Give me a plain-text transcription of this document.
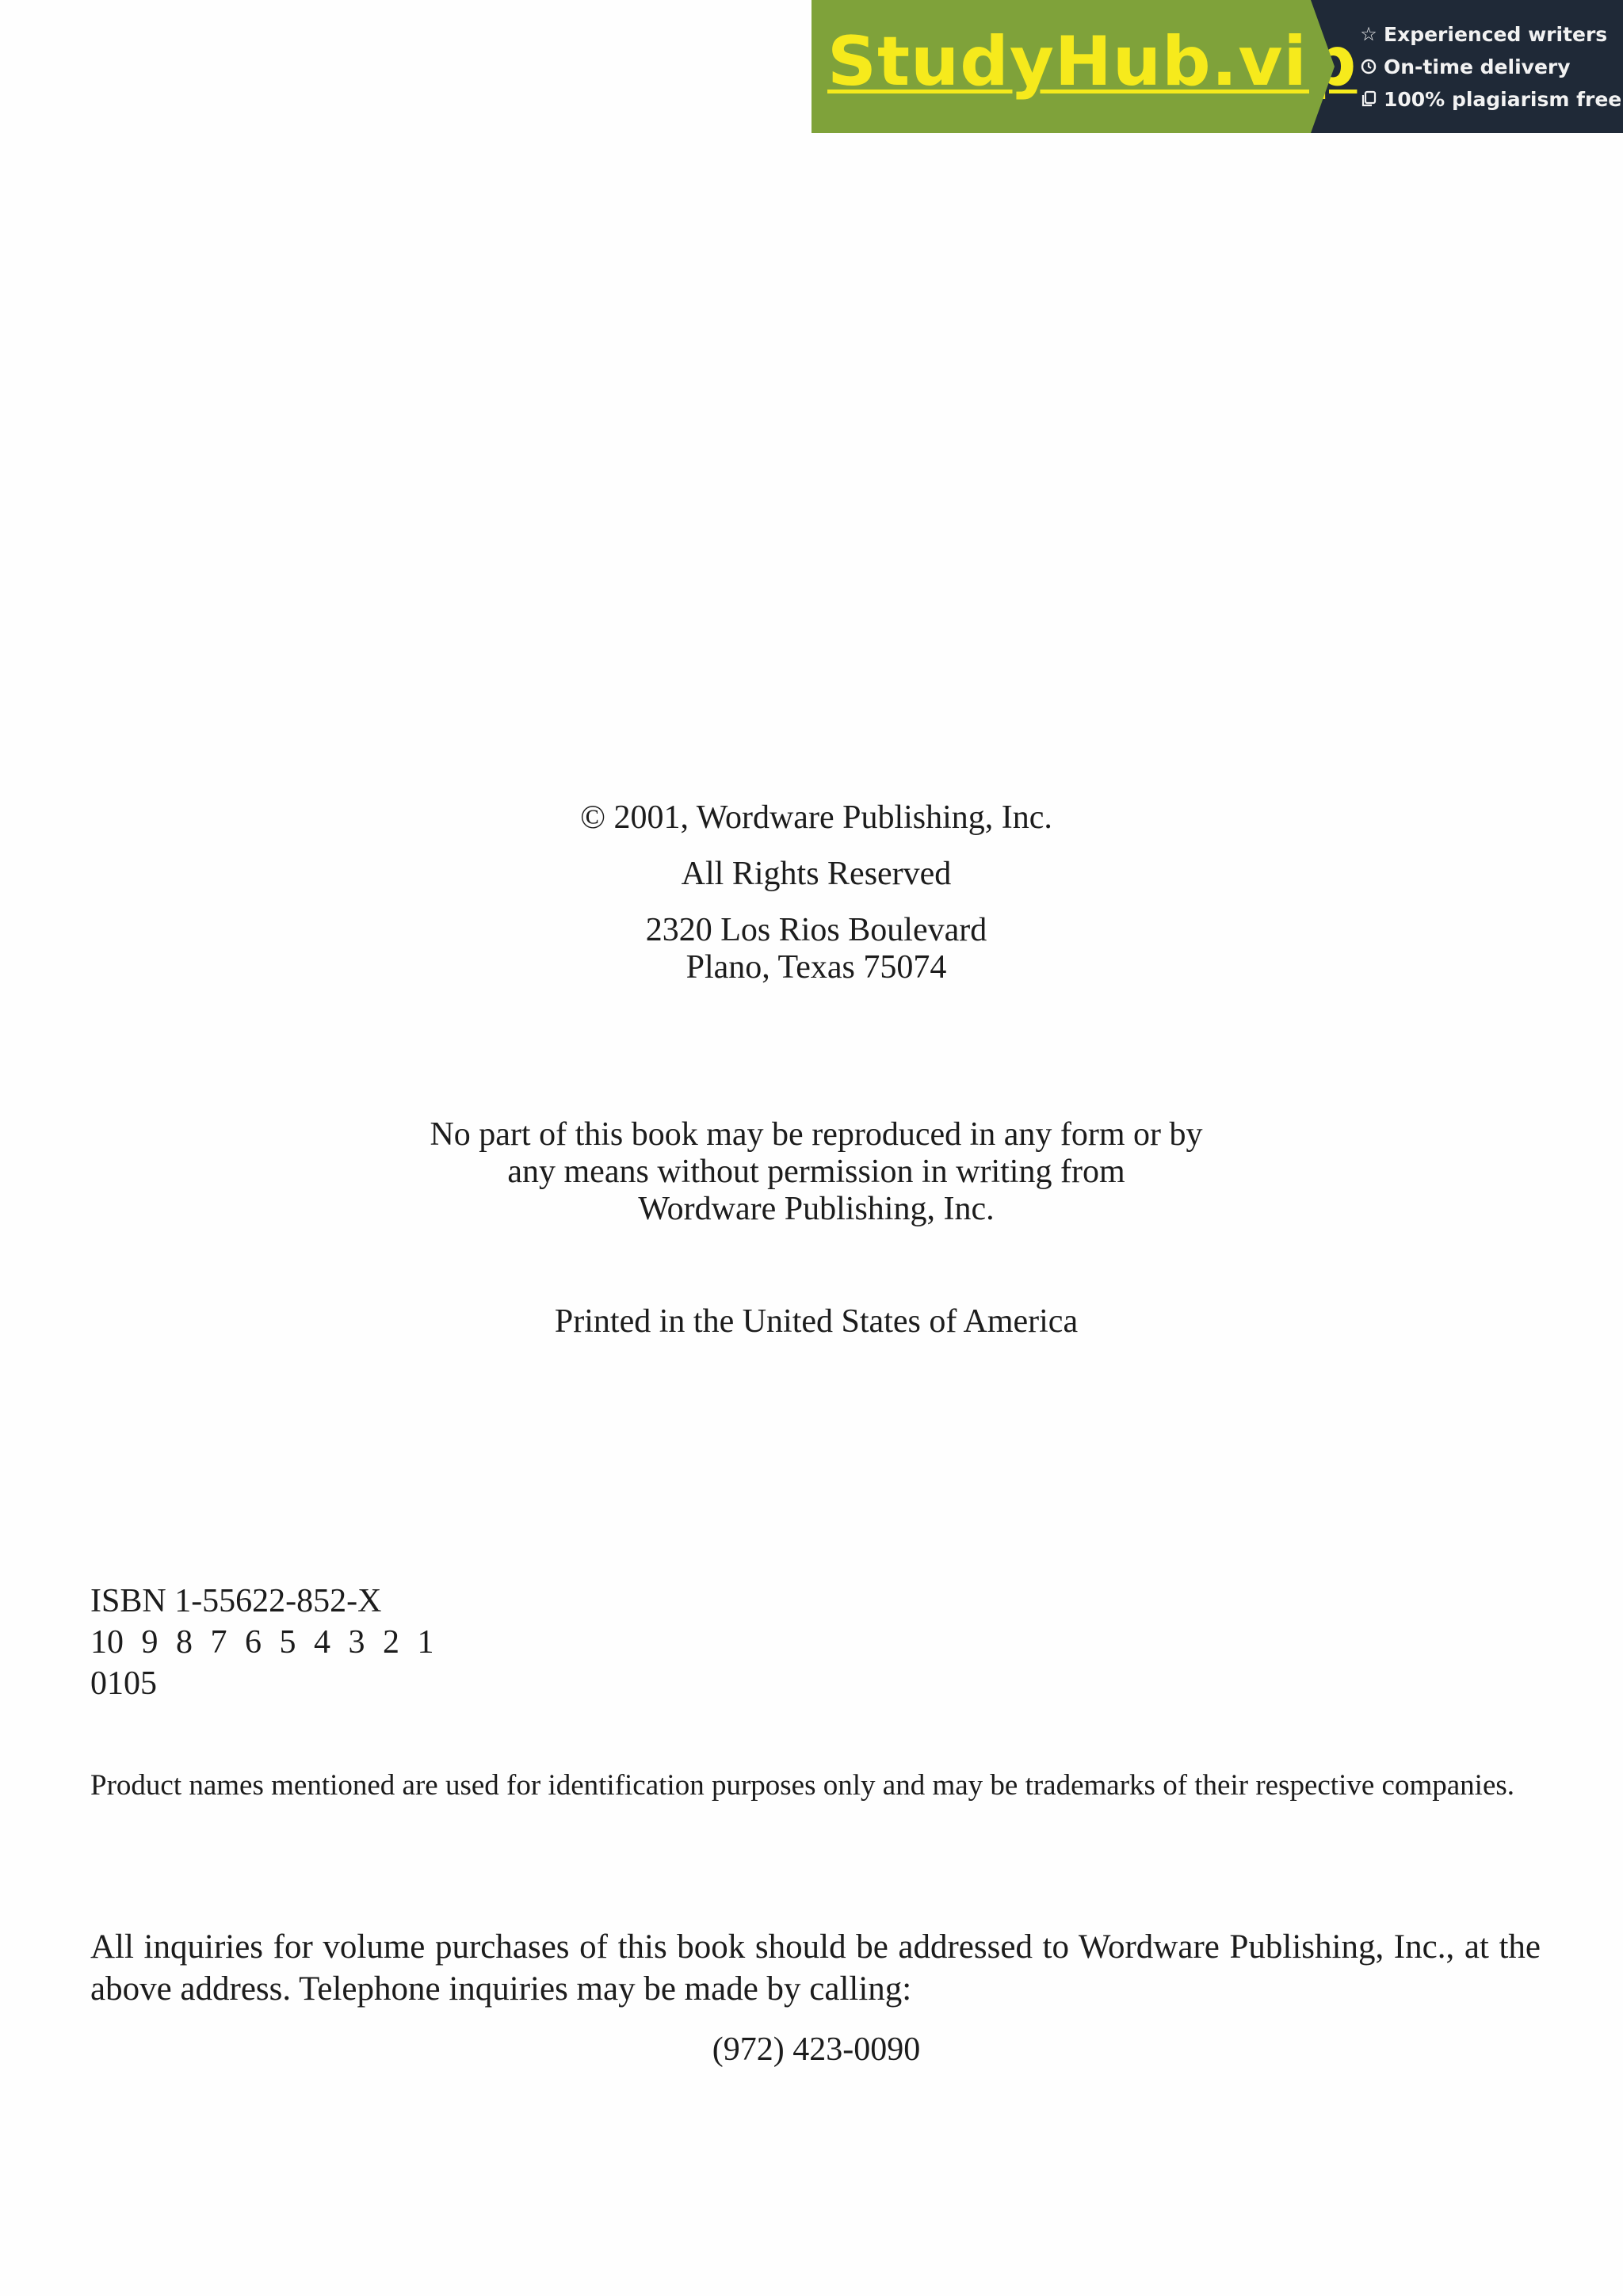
StudyHub.vip ☆ Experienced writers
On-time delivery
100% plagiarism free
© 2001, Wordware Publishing, Inc.
All Rights Reserved
2320 Los Rios Boulevard
Plano, Texas 75074
No part of this book may be reproduced in any form or by
any means without permission in writing from
Wordware Publishing, Inc.
Printed in the United States of America
ISBN 1-55622-852-X
10 9 8 7 6 5 4 3 2 1
0105
Product names mentioned are used for identification purposes only and may be trademarks of their respective companies.
All inquiries for volume purchases of this book should be addressed to Wordware Publishing, Inc., at the above address. Telephone inquiries may be made by calling:
(972) 423-0090
